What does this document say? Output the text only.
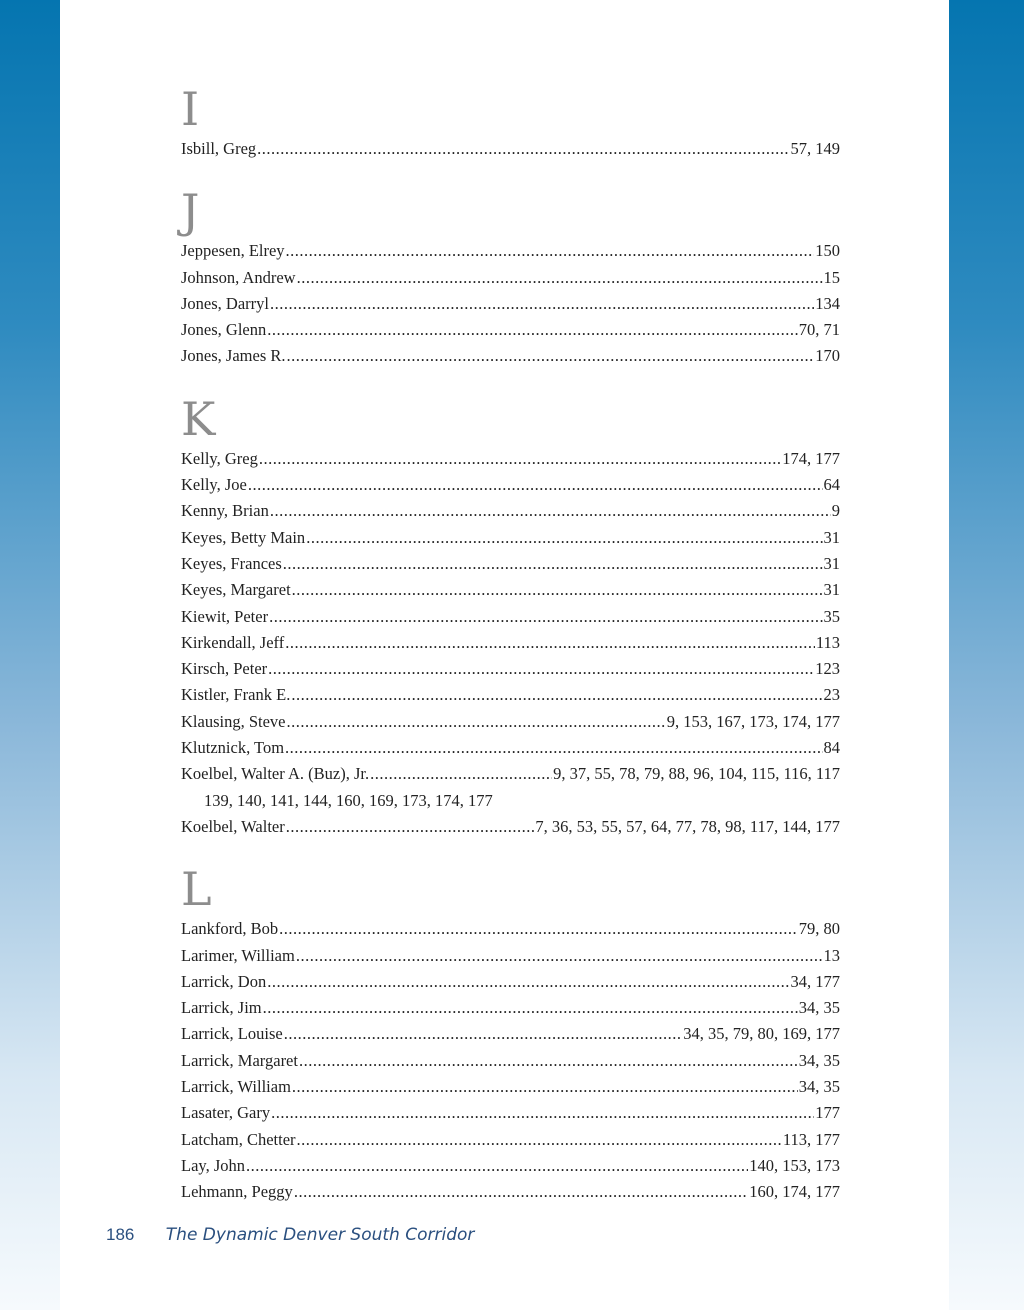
I
Isbill, Greg .....	57, 149
J
Jeppesen, Elrey .....	150
Johnson, Andrew .....	15
Jones, Darryl .....	134
Jones, Glenn .....	70, 71
Jones, James R. .....	170
K
Kelly, Greg .....	174, 177
Kelly, Joe .....	64
Kenny, Brian .....	9
Keyes, Betty Main .....	31
Keyes, Frances .....	31
Keyes, Margaret .....	31
Kiewit, Peter .....	35
Kirkendall, Jeff .....	113
Kirsch, Peter .....	123
Kistler, Frank E. .....	23
Klausing, Steve .....	9, 153, 167, 173, 174, 177
Klutznick, Tom .....	84
Koelbel, Walter A. (Buz), Jr. .....	9, 37, 55, 78, 79, 88, 96, 104, 115, 116, 117
139, 140, 141, 144, 160, 169, 173, 174, 177
Koelbel, Walter .....	7, 36, 53, 55, 57, 64, 77, 78, 98, 117, 144, 177
L
Lankford, Bob .....	79, 80
Larimer, William .....	13
Larrick, Don .....	34, 177
Larrick, Jim .....	34, 35
Larrick, Louise .....	34, 35, 79, 80, 169, 177
Larrick, Margaret .....	34, 35
Larrick, William .....	34, 35
Lasater, Gary .....	177
Latcham, Chetter .....	113, 177
Lay, John .....	140, 153, 173
Lehmann, Peggy .....	160, 174, 177
186 The Dynamic Denver South Corridor
